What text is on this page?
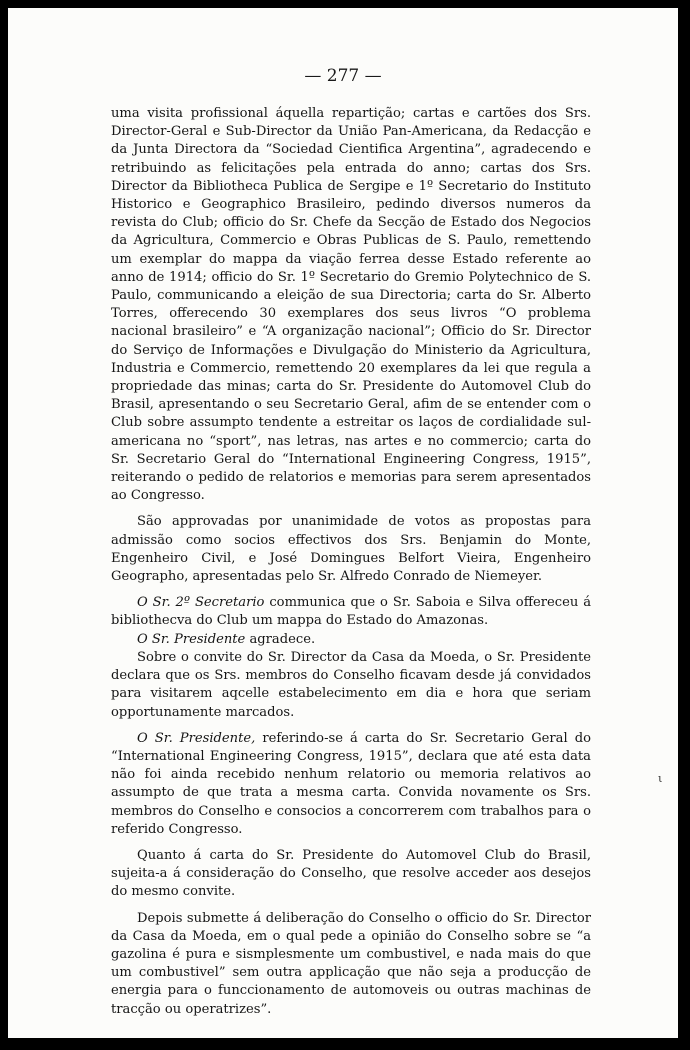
— 277 —

uma visita profissional áquella repartição; cartas e cartões dos Srs. Director-Geral e Sub-Director da União Pan-Americana, da Redacção e da Junta Directora da “Sociedad Cientifica Argentina”, agradecendo e retribuindo as felicitações pela entrada do anno; cartas dos Srs. Director da Bibliotheca Publica de Sergipe e 1º Secretario do Instituto Historico e Geographico Brasileiro, pedindo diversos numeros da revista do Club; officio do Sr. Chefe da Secção de Estado dos Negocios da Agricultura, Commercio e Obras Publicas de S. Paulo, remettendo um exemplar do mappa da viação ferrea desse Estado referente ao anno de 1914; officio do Sr. 1º Secretario do Gremio Polytechnico de S. Paulo, communicando a eleição de sua Directoria; carta do Sr. Alberto Torres, offerecendo 30 exemplares dos seus livros “O problema nacional brasileiro” e “A organização nacional”; Officio do Sr. Director do Serviço de Informações e Divulgação do Ministerio da Agricultura, Industria e Commercio, remettendo 20 exemplares da lei que regula a propriedade das minas; carta do Sr. Presidente do Automovel Club do Brasil, apresentando o seu Secretario Geral, afim de se entender com o Club sobre assumpto tendente a estreitar os laços de cordialidade sul-americana no “sport”, nas letras, nas artes e no commercio; carta do Sr. Secretario Geral do “International Engineering Congress, 1915”, reiterando o pedido de relatorios e memorias para serem apresentados ao Congresso.

São approvadas por unanimidade de votos as propostas para admissão como socios effectivos dos Srs. Benjamin do Monte, Engenheiro Civil, e José Domingues Belfort Vieira, Engenheiro Geographo, apresentadas pelo Sr. Alfredo Conrado de Niemeyer.

O Sr. 2º Secretario communica que o Sr. Saboia e Silva offereceu á bibliothecva do Club um mappa do Estado do Amazonas.

O Sr. Presidente agradece.

Sobre o convite do Sr. Director da Casa da Moeda, o Sr. Presidente declara que os Srs. membros do Conselho ficavam desde já convidados para visitarem aqcelle estabelecimento em dia e hora que seriam opportunamente marcados.

O Sr. Presidente, referindo-se á carta do Sr. Secretario Geral do “International Engineering Congress, 1915”, declara que até esta data não foi ainda recebido nenhum relatorio ou memoria relativos ao assumpto de que trata a mesma carta. Convida novamente os Srs. membros do Conselho e consocios a concorrerem com trabalhos para o referido Congresso.

Quanto á carta do Sr. Presidente do Automovel Club do Brasil, sujeita-a á consideração do Conselho, que resolve acceder aos desejos do mesmo convite.

Depois submette á deliberação do Conselho o officio do Sr. Director da Casa da Moeda, em o qual pede a opinião do Conselho sobre se “a gazolina é pura e sismplesmente um combustivel, e nada mais do que um combustivel” sem outra applicação que não seja a producção de energia para o funccionamento de automoveis ou outras machinas de tracção ou operatrizes”.

ι
